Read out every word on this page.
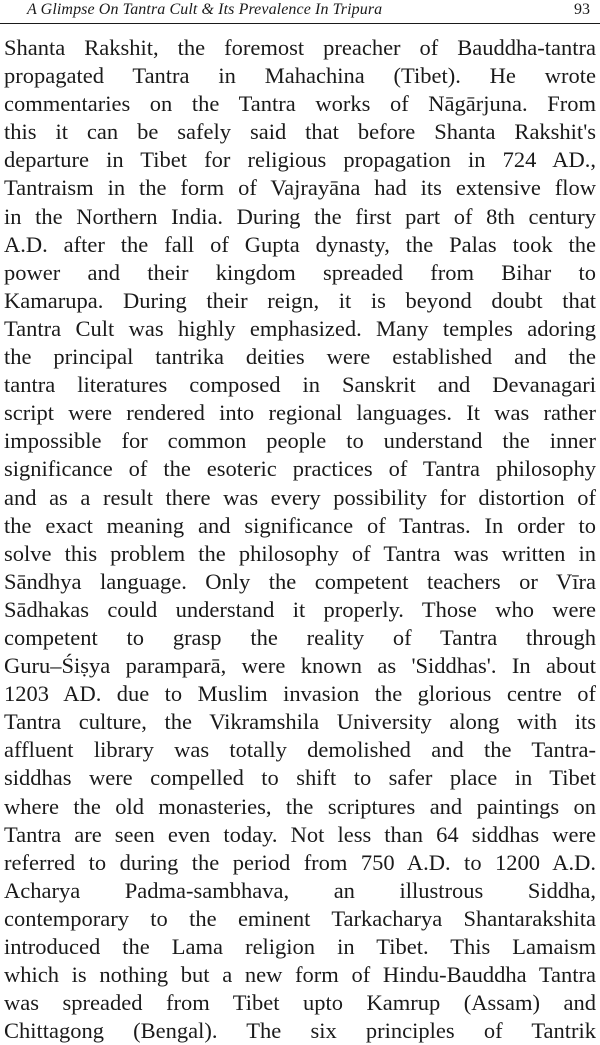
A Glimpse On Tantra Cult & Its Prevalence In Tripura	93
Shanta Rakshit, the foremost preacher of Bauddha-tantra
propagated Tantra in Mahachina (Tibet). He wrote
commentaries on the Tantra works of Nāgārjuna. From
this it can be safely said that before Shanta Rakshit's
departure in Tibet for religious propagation in 724 AD.,
Tantraism in the form of Vajrayāna had its extensive flow
in the Northern India. During the first part of 8th century
A.D. after the fall of Gupta dynasty, the Palas took the
power and their kingdom spreaded from Bihar to
Kamarupa. During their reign, it is beyond doubt that
Tantra Cult was highly emphasized. Many temples adoring
the principal tantrika deities were established and the
tantra literatures composed in Sanskrit and Devanagari
script were rendered into regional languages. It was rather
impossible for common people to understand the inner
significance of the esoteric practices of Tantra philosophy
and as a result there was every possibility for distortion of
the exact meaning and significance of Tantras. In order to
solve this problem the philosophy of Tantra was written in
Sāndhya language. Only the competent teachers or Vīra
Sādhakas could understand it properly. Those who were
competent to grasp the reality of Tantra through
Guru–Śiṣya paramparā, were known as 'Siddhas'. In about
1203 AD. due to Muslim invasion the glorious centre of
Tantra culture, the Vikramshila University along with its
affluent library was totally demolished and the Tantra-
siddhas were compelled to shift to safer place in Tibet
where the old monasteries, the scriptures and paintings on
Tantra are seen even today. Not less than 64 siddhas were
referred to during the period from 750 A.D. to 1200 A.D.
Acharya Padma-sambhava, an illustrous Siddha,
contemporary to the eminent Tarkacharya Shantarakshita
introduced the Lama religion in Tibet. This Lamaism
which is nothing but a new form of Hindu-Bauddha Tantra
was spreaded from Tibet upto Kamrup (Assam) and
Chittagong (Bengal). The six principles of Tantrik
